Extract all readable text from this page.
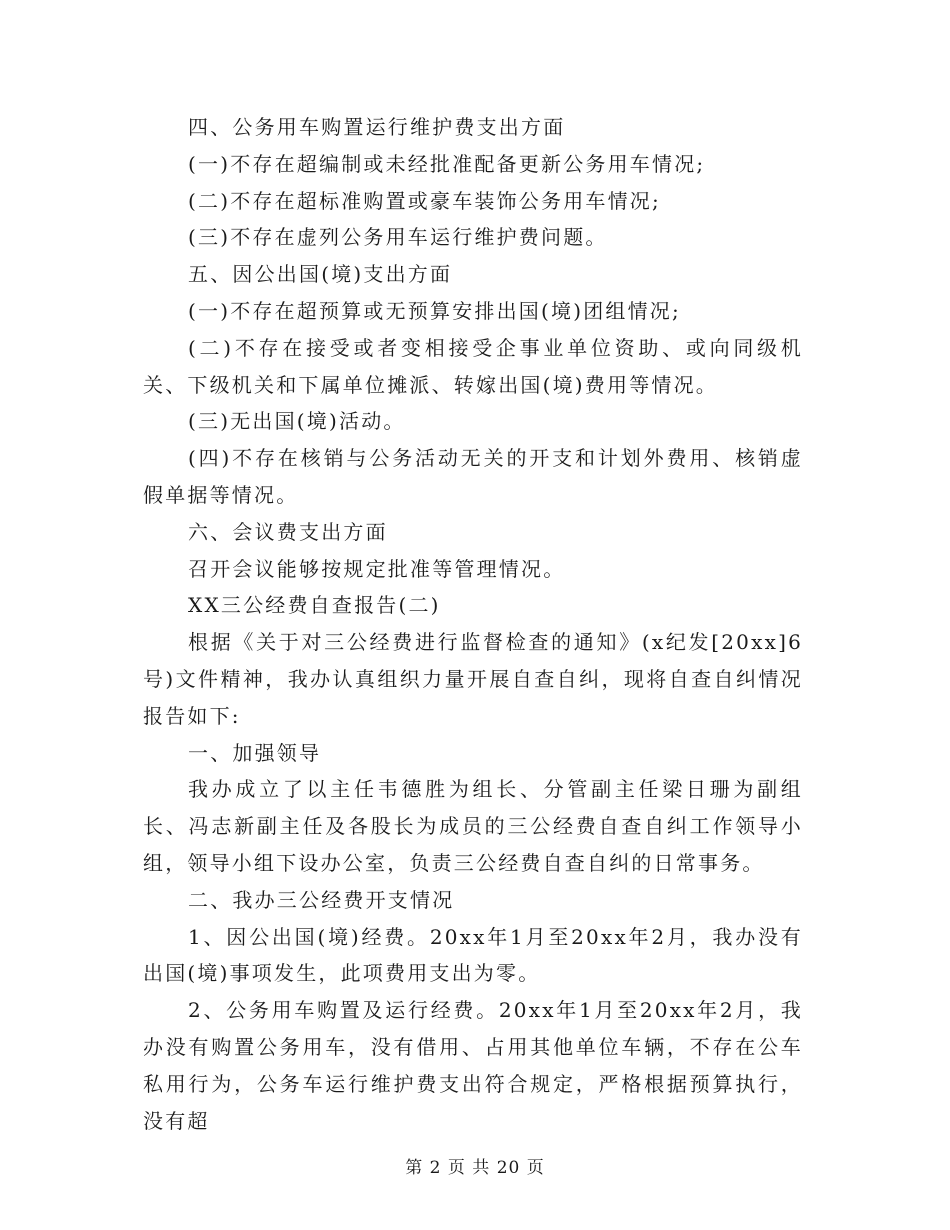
四、公务用车购置运行维护费支出方面

(一)不存在超编制或未经批准配备更新公务用车情况;

(二)不存在超标准购置或豪车装饰公务用车情况;

(三)不存在虚列公务用车运行维护费问题。

五、因公出国(境)支出方面

(一)不存在超预算或无预算安排出国(境)团组情况;

(二)不存在接受或者变相接受企事业单位资助、或向同级机关、下级机关和下属单位摊派、转嫁出国(境)费用等情况。

(三)无出国(境)活动。

(四)不存在核销与公务活动无关的开支和计划外费用、核销虚假单据等情况。

六、会议费支出方面

召开会议能够按规定批准等管理情况。

XX三公经费自查报告(二)

根据《关于对三公经费进行监督检查的通知》(x纪发[20xx]6号)文件精神，我办认真组织力量开展自查自纠，现将自查自纠情况报告如下:

一、加强领导

我办成立了以主任韦德胜为组长、分管副主任梁日珊为副组长、冯志新副主任及各股长为成员的三公经费自查自纠工作领导小组，领导小组下设办公室，负责三公经费自查自纠的日常事务。

二、我办三公经费开支情况

1、因公出国(境)经费。20xx年1月至20xx年2月，我办没有出国(境)事项发生，此项费用支出为零。

2、公务用车购置及运行经费。20xx年1月至20xx年2月，我办没有购置公务用车，没有借用、占用其他单位车辆，不存在公车私用行为，公务车运行维护费支出符合规定，严格根据预算执行，没有超

第 2 页 共 20 页
